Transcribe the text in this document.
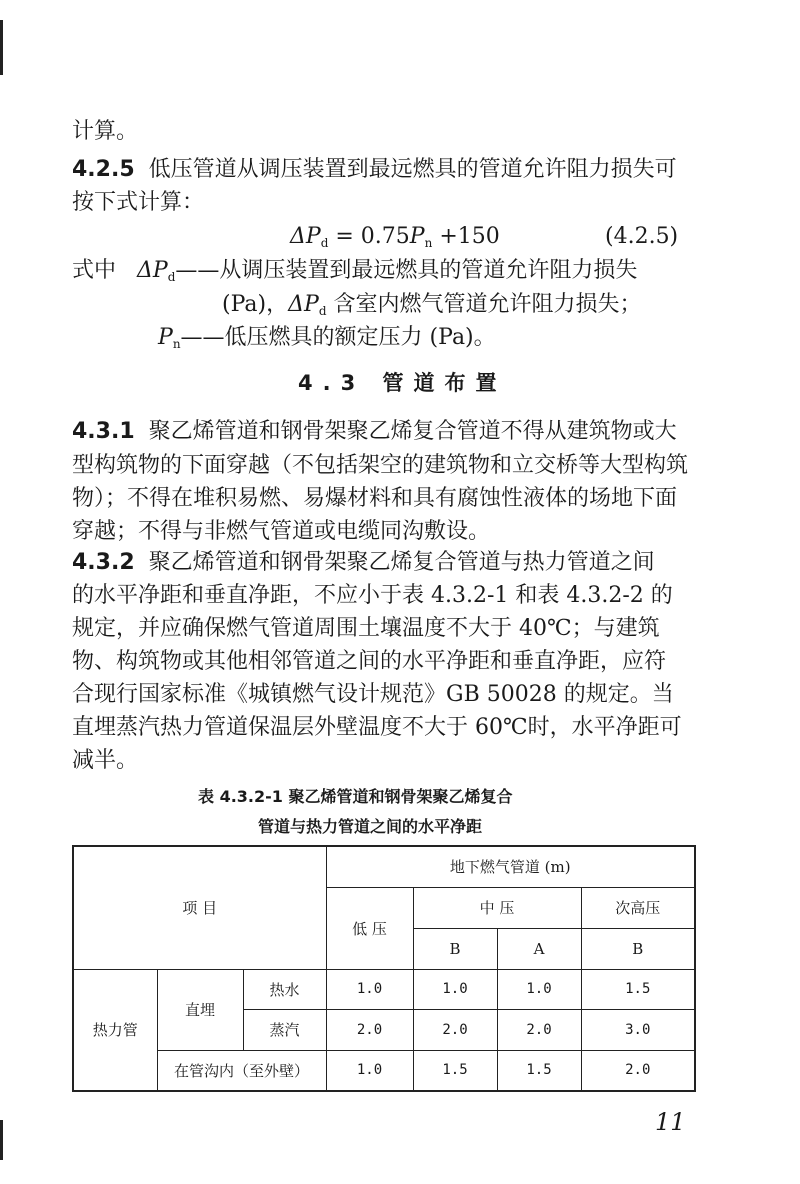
计算。
4.2.5 低压管道从调压装置到最远燃具的管道允许阻力损失可
按下式计算：
$\Delta P_d = 0.75P_n +150$	(4.2.5)
式中 $\Delta P_d——$从调压装置到最远燃具的管道允许阻力损失
(Pa)，$\Delta P_d$ 含室内燃气管道允许阻力损失；
$P_n——$低压燃具的额定压力 (Pa)。
4.3 管道布置
4.3.1 聚乙烯管道和钢骨架聚乙烯复合管道不得从建筑物或大
型构筑物的下面穿越（不包括架空的建筑物和立交桥等大型构筑
物）；不得在堆积易燃、易爆材料和具有腐蚀性液体的场地下面
穿越；不得与非燃气管道或电缆同沟敷设。
4.3.2 聚乙烯管道和钢骨架聚乙烯复合管道与热力管道之间
的水平净距和垂直净距，不应小于表 4.3.2-1 和表 4.3.2-2 的
规定，并应确保燃气管道周围土壤温度不大于 40℃；与建筑
物、构筑物或其他相邻管道之间的水平净距和垂直净距，应符
合现行国家标准《城镇燃气设计规范》GB 50028 的规定。当
直埋蒸汽热力管道保温层外壁温度不大于 60℃时，水平净距可
减半。
表 4.3.2-1 聚乙烯管道和钢骨架聚乙烯复合
管道与热力管道之间的水平净距
项 目			地下燃气管道 (m)			
			低 压	中 压		次高压
				B	A	B
热力管	直埋	热水	1.0	1.0	1.0	1.5
		蒸汽	2.0	2.0	2.0	3.0
	在管沟内（至外壁）		1.0	1.5	1.5	2.0
11
